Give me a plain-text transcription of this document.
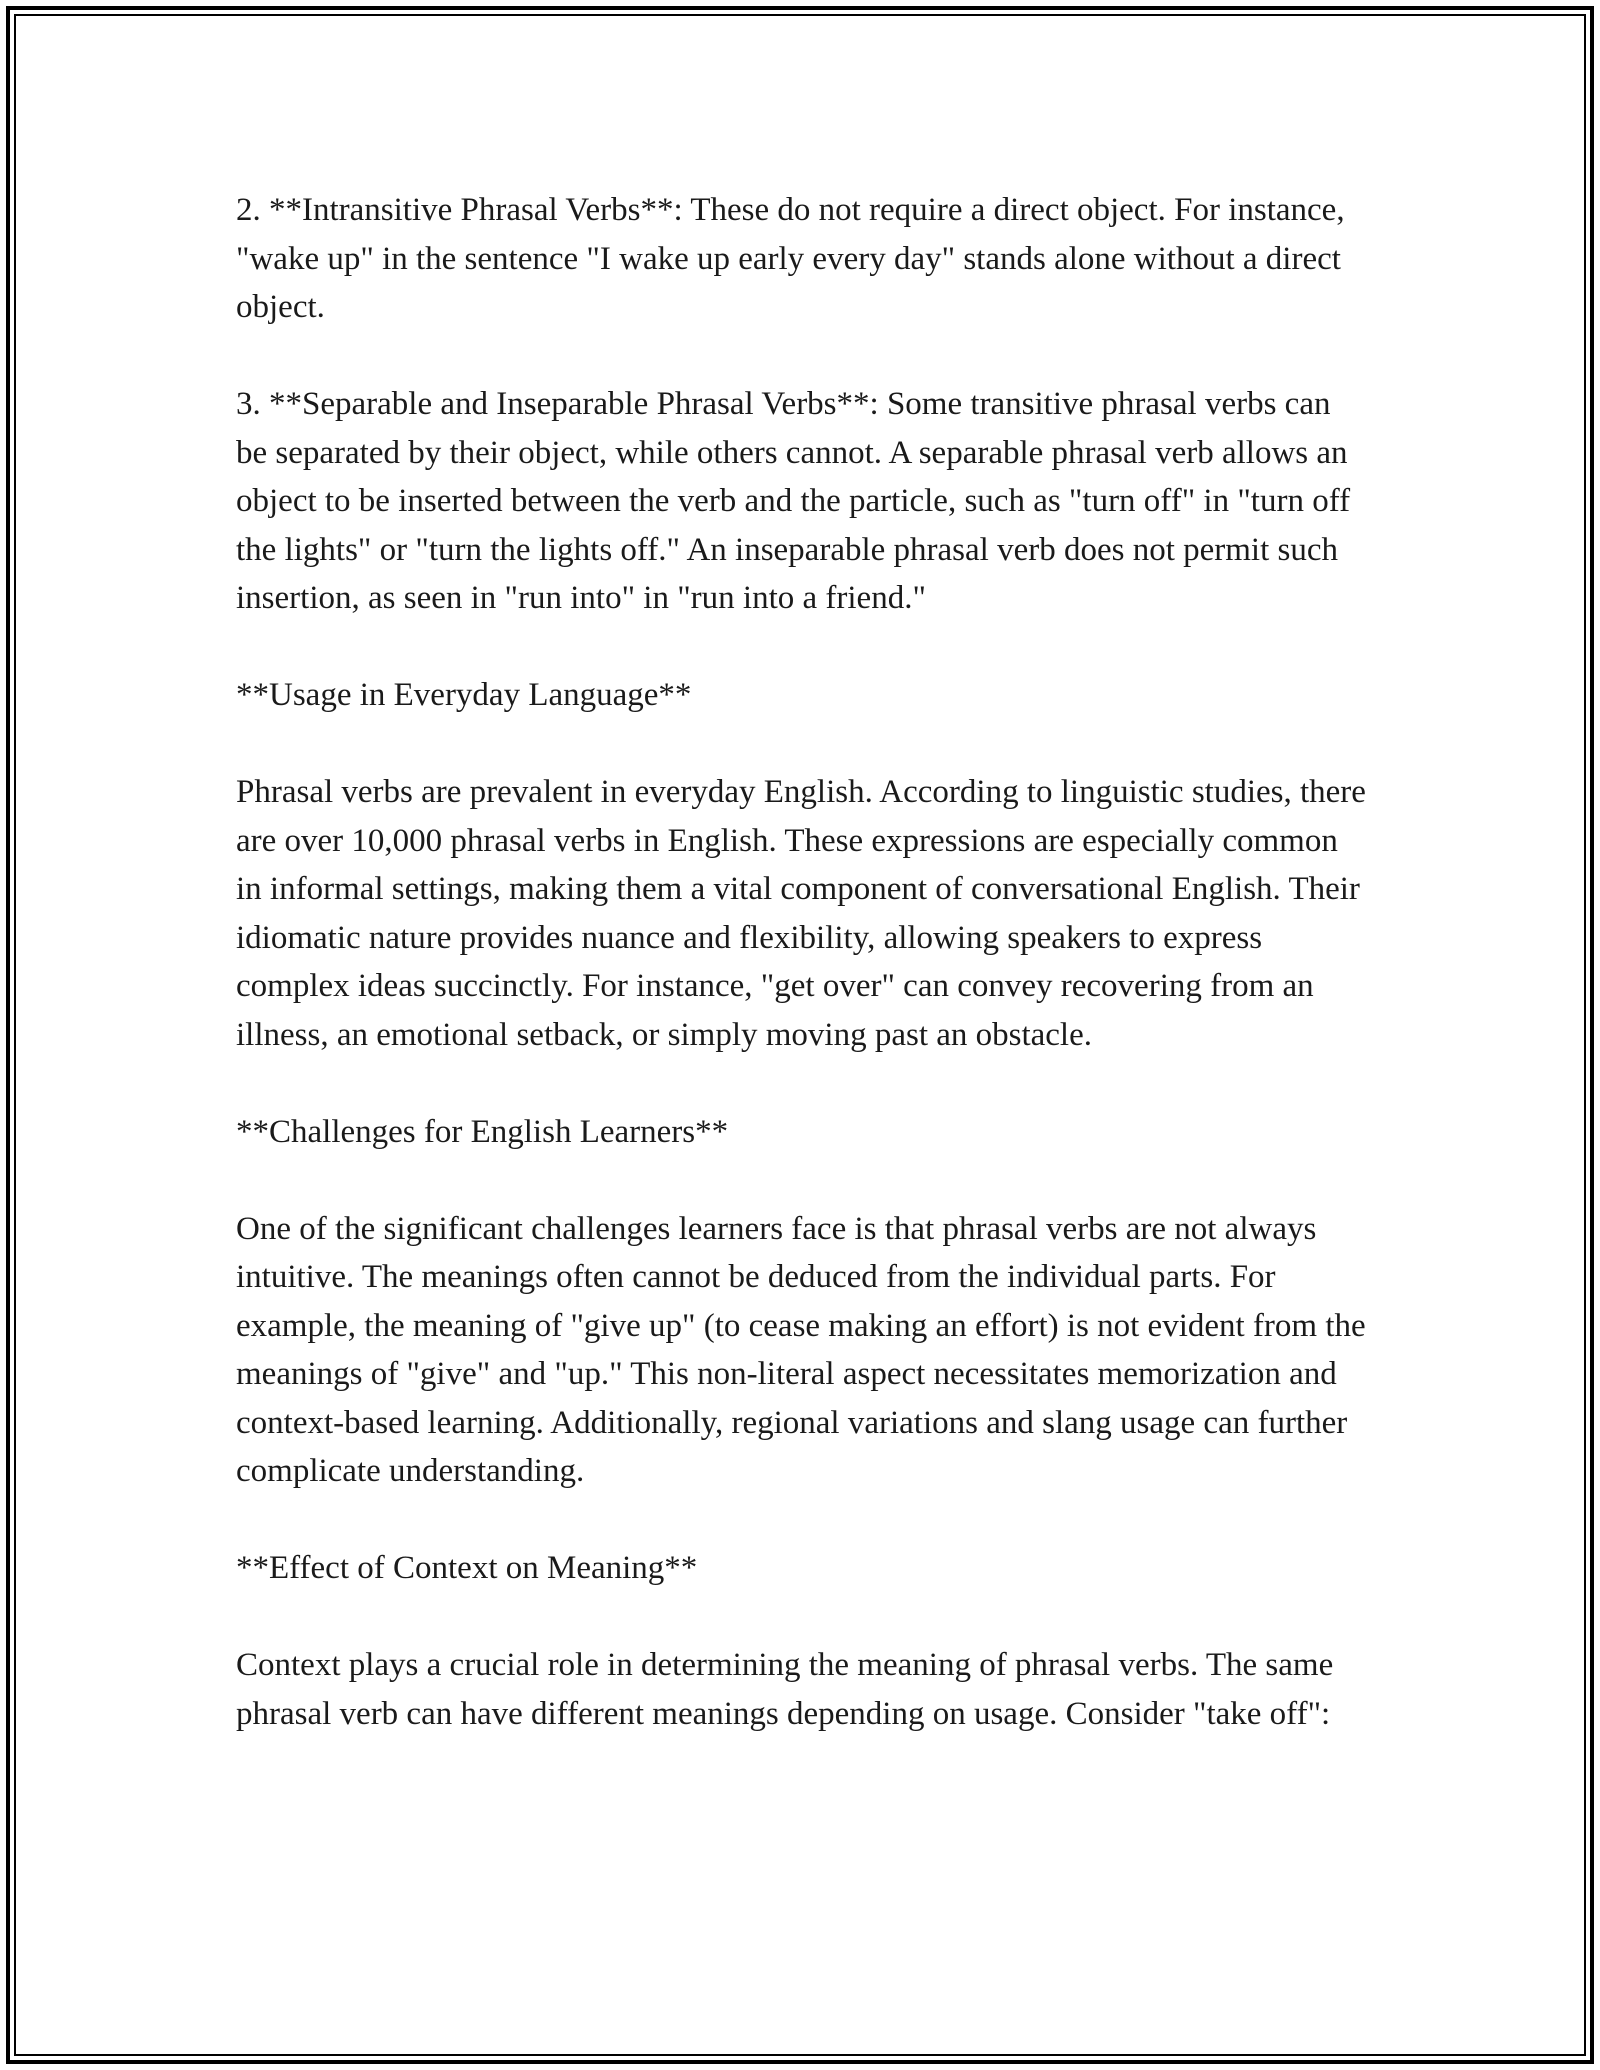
2. **Intransitive Phrasal Verbs**: These do not require a direct object. For instance, "wake up" in the sentence "I wake up early every day" stands alone without a direct object.

3. **Separable and Inseparable Phrasal Verbs**: Some transitive phrasal verbs can be separated by their object, while others cannot. A separable phrasal verb allows an object to be inserted between the verb and the particle, such as "turn off" in "turn off the lights" or "turn the lights off." An inseparable phrasal verb does not permit such insertion, as seen in "run into" in "run into a friend."

**Usage in Everyday Language**

Phrasal verbs are prevalent in everyday English. According to linguistic studies, there are over 10,000 phrasal verbs in English. These expressions are especially common in informal settings, making them a vital component of conversational English. Their idiomatic nature provides nuance and flexibility, allowing speakers to express complex ideas succinctly. For instance, "get over" can convey recovering from an illness, an emotional setback, or simply moving past an obstacle.

**Challenges for English Learners**

One of the significant challenges learners face is that phrasal verbs are not always intuitive. The meanings often cannot be deduced from the individual parts. For example, the meaning of "give up" (to cease making an effort) is not evident from the meanings of "give" and "up." This non-literal aspect necessitates memorization and context-based learning. Additionally, regional variations and slang usage can further complicate understanding.

**Effect of Context on Meaning**

Context plays a crucial role in determining the meaning of phrasal verbs. The same phrasal verb can have different meanings depending on usage. Consider "take off":
